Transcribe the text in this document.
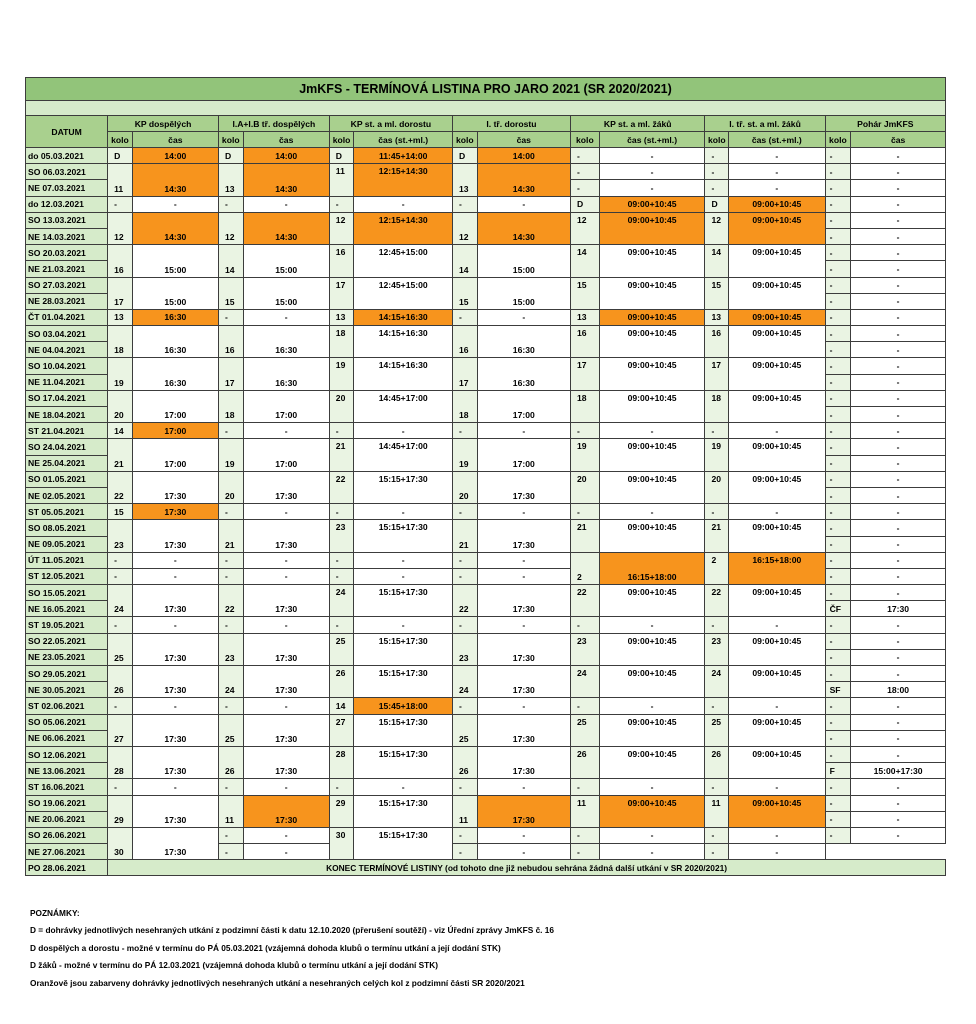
JmKFS - TERMÍNOVÁ LISTINA PRO JARO 2021 (SR 2020/2021)														

DATUM	KP dospělých		I.A+I.B tř. dospělých		KP st. a ml. dorostu		I. tř. dorostu		KP st. a ml. žáků		I. tř. st. a ml. žáků		Pohár JmKFS	
	kolo	čas	kolo	čas	kolo	čas (st.+ml.)	kolo	čas	kolo	čas (st.+ml.)	kolo	čas (st.+ml.)	kolo	čas
do 05.03.2021	D	14:00	D	14:00	D	11:45+14:00	D	14:00	-	-	-	-	-	-
SO 06.03.2021	11	14:30	13	14:30	11	12:15+14:30	13	14:30	-	-	-	-	-	-
NE 07.03.2021									-	-	-	-	-	-
do 12.03.2021	-	-	-	-	-	-	-	-	D	09:00+10:45	D	09:00+10:45	-	-
SO 13.03.2021	12	14:30	12	14:30	12	12:15+14:30	12	14:30	12	09:00+10:45	12	09:00+10:45	-	-
NE 14.03.2021													-	-
SO 20.03.2021	16	15:00	14	15:00	16	12:45+15:00	14	15:00	14	09:00+10:45	14	09:00+10:45	-	-
NE 21.03.2021													-	-
SO 27.03.2021	17	15:00	15	15:00	17	12:45+15:00	15	15:00	15	09:00+10:45	15	09:00+10:45	-	-
NE 28.03.2021													-	-
ČT 01.04.2021	13	16:30	-	-	13	14:15+16:30	-	-	13	09:00+10:45	13	09:00+10:45	-	-
SO 03.04.2021	18	16:30	16	16:30	18	14:15+16:30	16	16:30	16	09:00+10:45	16	09:00+10:45	-	-
NE 04.04.2021													-	-
SO 10.04.2021	19	16:30	17	16:30	19	14:15+16:30	17	16:30	17	09:00+10:45	17	09:00+10:45	-	-
NE 11.04.2021													-	-
SO 17.04.2021	20	17:00	18	17:00	20	14:45+17:00	18	17:00	18	09:00+10:45	18	09:00+10:45	-	-
NE 18.04.2021													-	-
ST 21.04.2021	14	17:00	-	-	-	-	-	-	-	-	-	-	-	-
SO 24.04.2021	21	17:00	19	17:00	21	14:45+17:00	19	17:00	19	09:00+10:45	19	09:00+10:45	-	-
NE 25.04.2021													-	-
SO 01.05.2021	22	17:30	20	17:30	22	15:15+17:30	20	17:30	20	09:00+10:45	20	09:00+10:45	-	-
NE 02.05.2021													-	-
ST 05.05.2021	15	17:30	-	-	-	-	-	-	-	-	-	-	-	-
SO 08.05.2021	23	17:30	21	17:30	23	15:15+17:30	21	17:30	21	09:00+10:45	21	09:00+10:45	-	-
NE 09.05.2021													-	-
ÚT 11.05.2021	-	-	-	-	-	-	-	-	2	16:15+18:00	2	16:15+18:00	-	-
ST 12.05.2021	-	-	-	-	-	-	-	-					-	-
SO 15.05.2021	24	17:30	22	17:30	24	15:15+17:30	22	17:30	22	09:00+10:45	22	09:00+10:45	-	-
NE 16.05.2021													ČF	17:30
ST 19.05.2021	-	-	-	-	-	-	-	-	-	-	-	-	-	-
SO 22.05.2021	25	17:30	23	17:30	25	15:15+17:30	23	17:30	23	09:00+10:45	23	09:00+10:45	-	-
NE 23.05.2021													-	-
SO 29.05.2021	26	17:30	24	17:30	26	15:15+17:30	24	17:30	24	09:00+10:45	24	09:00+10:45	-	-
NE 30.05.2021													SF	18:00
ST 02.06.2021	-	-	-	-	14	15:45+18:00	-	-	-	-	-	-	-	-
SO 05.06.2021	27	17:30	25	17:30	27	15:15+17:30	25	17:30	25	09:00+10:45	25	09:00+10:45	-	-
NE 06.06.2021													-	-
SO 12.06.2021	28	17:30	26	17:30	28	15:15+17:30	26	17:30	26	09:00+10:45	26	09:00+10:45	-	-
NE 13.06.2021													F	15:00+17:30
ST 16.06.2021	-	-	-	-	-	-	-	-	-	-	-	-	-	-
SO 19.06.2021	29	17:30	11	17:30	29	15:15+17:30	11	17:30	11	09:00+10:45	11	09:00+10:45	-	-
NE 20.06.2021													-	-
SO 26.06.2021	30	17:30	-	-	30	15:15+17:30	-	-	-	-	-	-	-	-
NE 27.06.2021			-	-			-	-	-	-	-	-		
PO 28.06.2021	KONEC TERMÍNOVÉ LISTINY (od tohoto dne již nebudou sehrána žádná další utkání v SR 2020/2021)													
POZNÁMKY:
D = dohrávky jednotlivých nesehraných utkání z podzimní části k datu 12.10.2020 (přerušení soutěží) - viz Úřední zprávy JmKFS č. 16
D dospělých a dorostu - možné v termínu do PÁ 05.03.2021 (vzájemná dohoda klubů o termínu utkání a její dodání STK)
D žáků - možné v termínu do PÁ 12.03.2021 (vzájemná dohoda klubů o termínu utkání a její dodání STK)
Oranžově jsou zabarveny dohrávky jednotlivých nesehraných utkání a nesehraných celých kol z podzimní části SR 2020/2021
